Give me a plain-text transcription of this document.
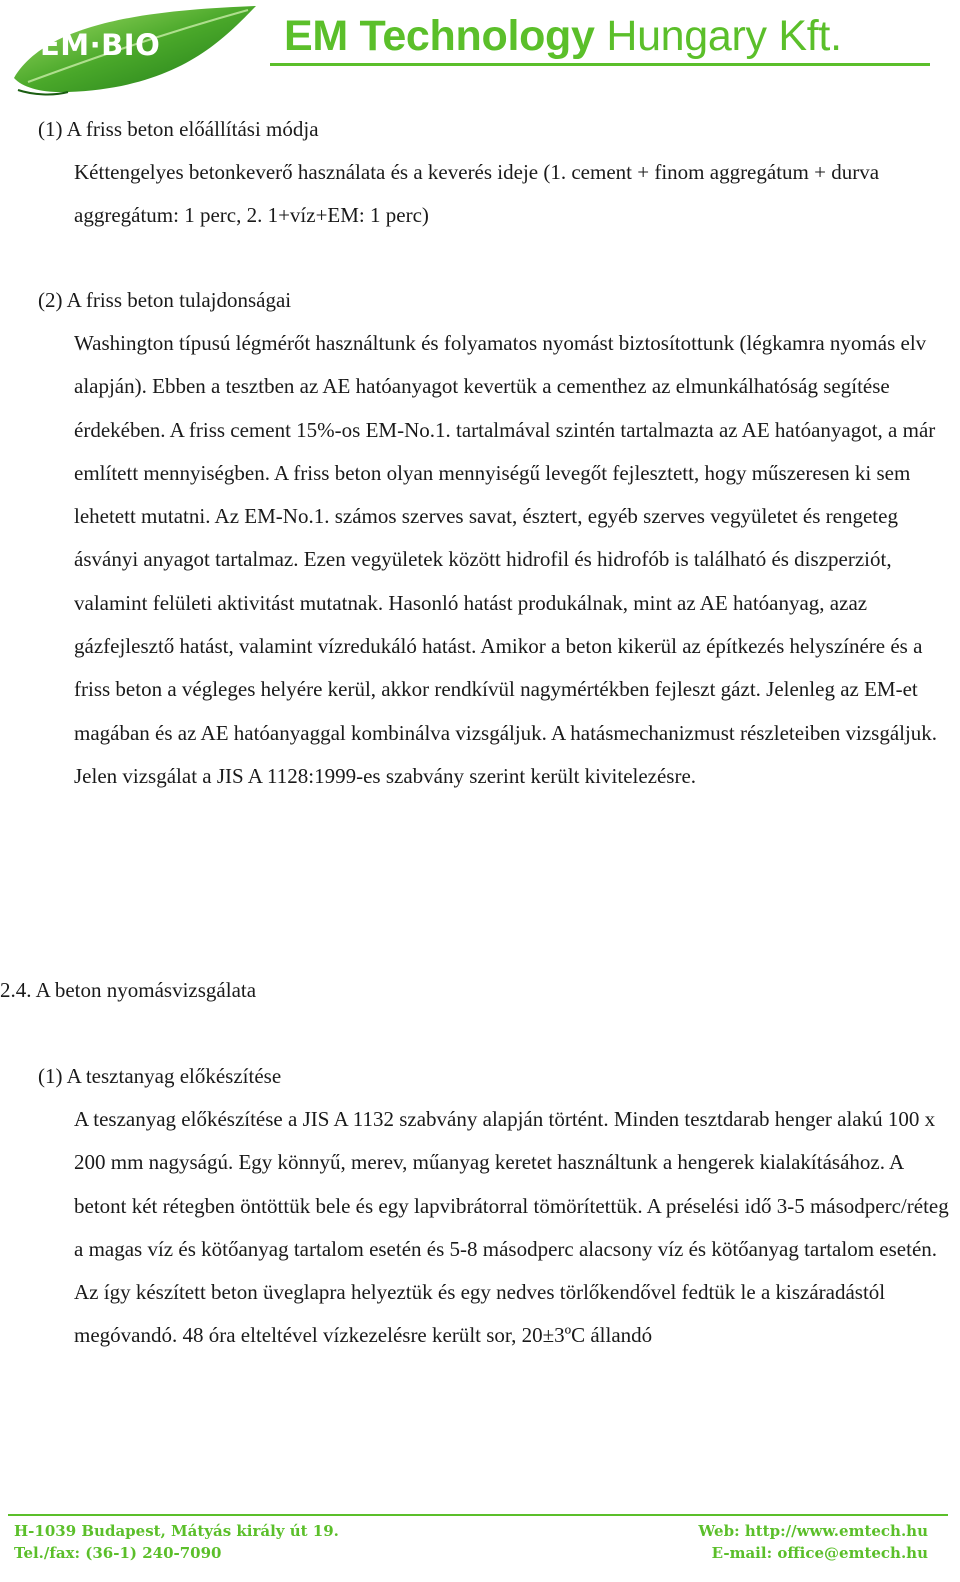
EM·BIO	EM Technology Hungary Kft.
(1) A friss beton előállítási módja

Kéttengelyes betonkeverő használata és a keverés ideje (1. cement + finom aggregátum + durva aggregátum: 1 perc, 2. 1+víz+EM: 1 perc)

(2) A friss beton tulajdonságai

Washington típusú légmérőt használtunk és folyamatos nyomást biztosítottunk (légkamra nyomás elv alapján). Ebben a tesztben az AE hatóanyagot kevertük a cementhez az elmunkálhatóság segítése érdekében. A friss cement 15%-os EM-No.1. tartalmával szintén tartalmazta az AE hatóanyagot, a már említett mennyiségben. A friss beton olyan mennyiségű levegőt fejlesztett, hogy műszeresen ki sem lehetett mutatni. Az EM-No.1. számos szerves savat, észtert, egyéb szerves vegyületet és rengeteg ásványi anyagot tartalmaz. Ezen vegyületek között hidrofil és hidrofób is található és diszperziót, valamint felületi aktivitást mutatnak. Hasonló hatást produkálnak, mint az AE hatóanyag, azaz gázfejlesztő hatást, valamint vízredukáló hatást. Amikor a beton kikerül az építkezés helyszínére és a friss beton a végleges helyére kerül, akkor rendkívül nagymértékben fejleszt gázt. Jelenleg az EM-et magában és az AE hatóanyaggal kombinálva vizsgáljuk. A hatásmechanizmust részleteiben vizsgáljuk. Jelen vizsgálat a JIS A 1128:1999-es szabvány szerint került kivitelezésre.

2.4. A beton nyomásvizsgálata
(1) A tesztanyag előkészítése

A teszanyag előkészítése a JIS A 1132 szabvány alapján történt. Minden tesztdarab henger alakú 100 x 200 mm nagyságú. Egy könnyű, merev, műanyag keretet használtunk a hengerek kialakításához. A betont két rétegben öntöttük bele és egy lapvibrátorral tömörítettük. A préselési idő 3-5 másodperc/réteg a magas víz és kötőanyag tartalom esetén és 5-8 másodperc alacsony víz és kötőanyag tartalom esetén. Az így készített beton üveglapra helyeztük és egy nedves törlőkendővel fedtük le a kiszáradástól megóvandó. 48 óra elteltével vízkezelésre került sor, 20±3ºC állandó

H-1039 Budapest, Mátyás király út 19.
Tel./fax: (36-1) 240-7090
Web: http://www.emtech.hu
E-mail: office@emtech.hu
